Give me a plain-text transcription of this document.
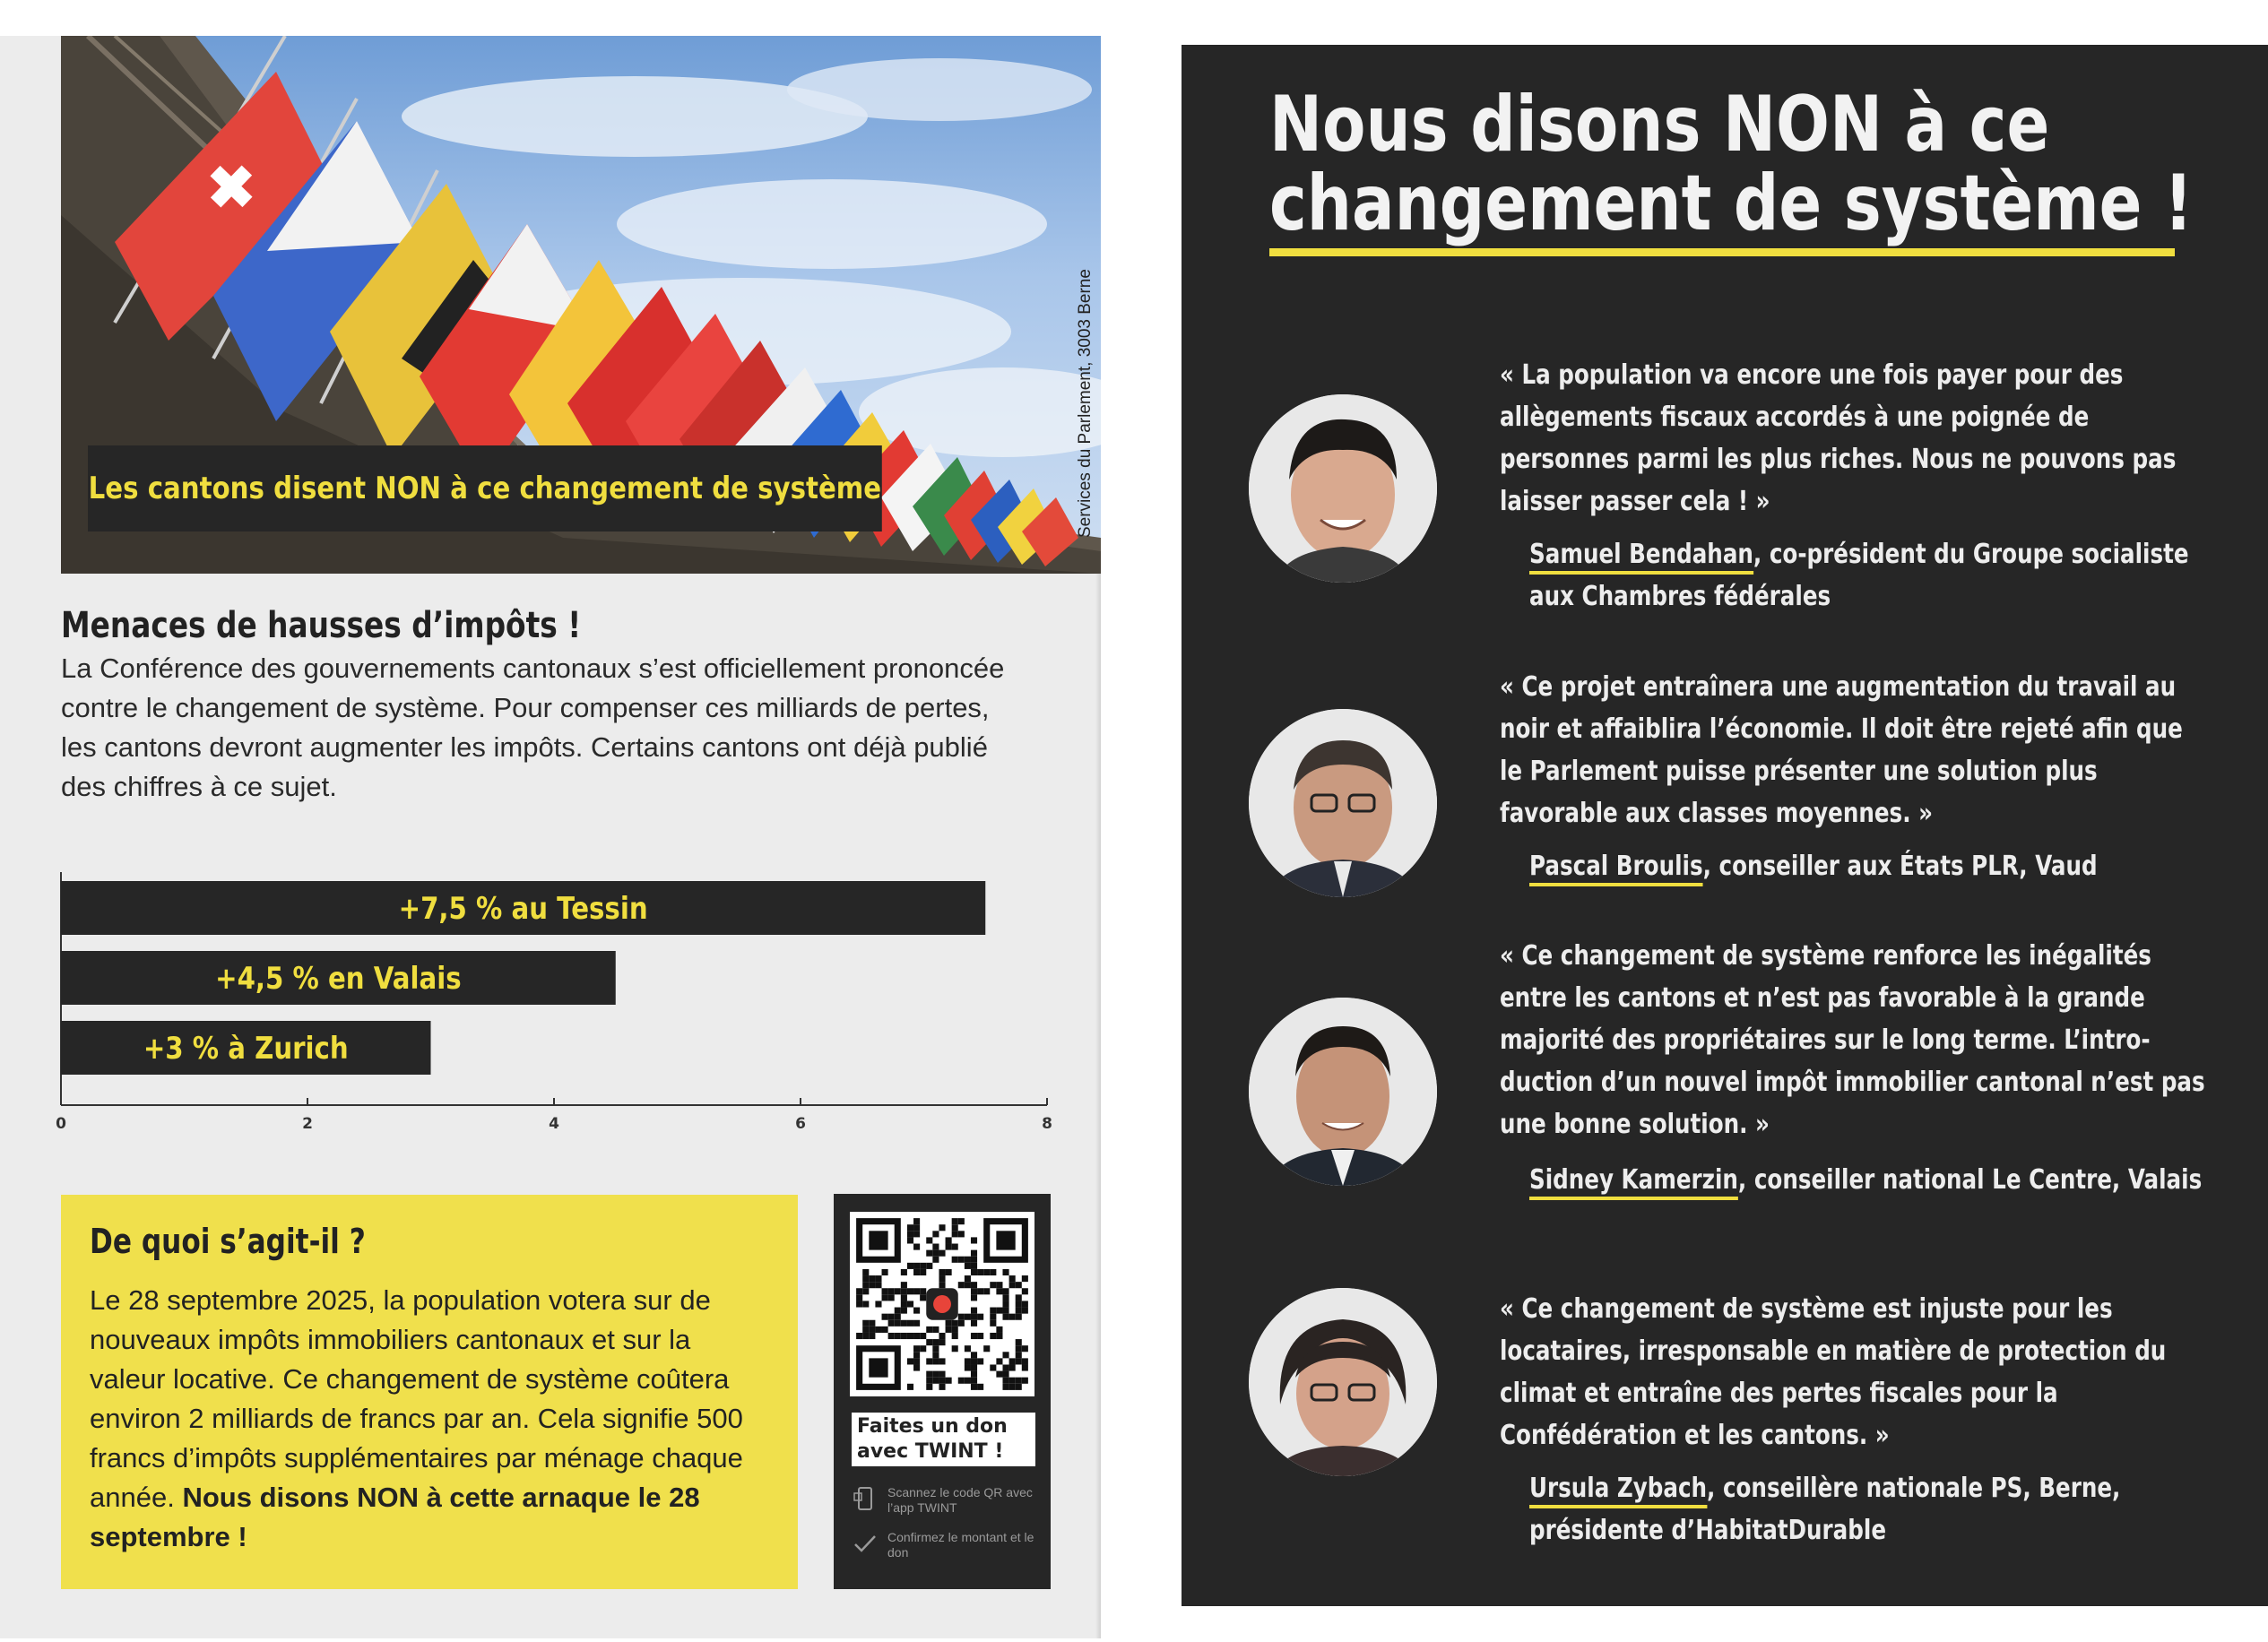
Services du Parlement, 3003 Berne
Les cantons disent NON à ce changement de système
Menaces de hausses d’impôts !
La Conférence des gouvernements cantonaux s’est officiellement prononcée contre le changement de système. Pour compenser ces milliards de pertes, les cantons devront augmenter les impôts. Certains cantons ont déjà publié des chiffres à ce sujet.
+7,5 % au Tessin
+4,5 % en Valais
+3 % à Zurich
0	2	4	6	8
De quoi s’agit-il ?
Le 28 septembre 2025, la population votera sur de nouveaux impôts immobiliers cantonaux et sur la valeur locative. Ce changement de système coûtera environ 2 milliards de francs par an. Cela signifie 500 francs d’impôts supplémentaires par ménage chaque année. Nous disons NON à cette arnaque le 28 septembre !
Faites un don avec TWINT !
Scannez le code QR avec l’app TWINT
Confirmez le montant et le don
Nous disons NON à ce
changement de système !
« La population va encore une fois payer pour des allègements fiscaux accordés à une poignée de personnes parmi les plus riches. Nous ne pouvons pas laisser passer cela ! »
Samuel Bendahan, co-président du Groupe socialiste aux Chambres fédérales
« Ce projet entraînera une augmentation du travail au noir et affaiblira l’économie. Il doit être rejeté afin que le Parlement puisse présenter une solution plus favorable aux classes moyennes. »
Pascal Broulis, conseiller aux États PLR, Vaud
« Ce changement de système renforce les inégalités entre les cantons et n’est pas favorable à la grande majorité des propriétaires sur le long terme. L’introduction d’un nouvel impôt immobilier cantonal n’est pas une bonne solution. »
Sidney Kamerzin, conseiller national Le Centre, Valais
« Ce changement de système est injuste pour les locataires, irresponsable en matière de protection du climat et entraîne des pertes fiscales pour la Confédération et les cantons. »
Ursula Zybach, conseillère nationale PS, Berne, présidente d’HabitatDurable
